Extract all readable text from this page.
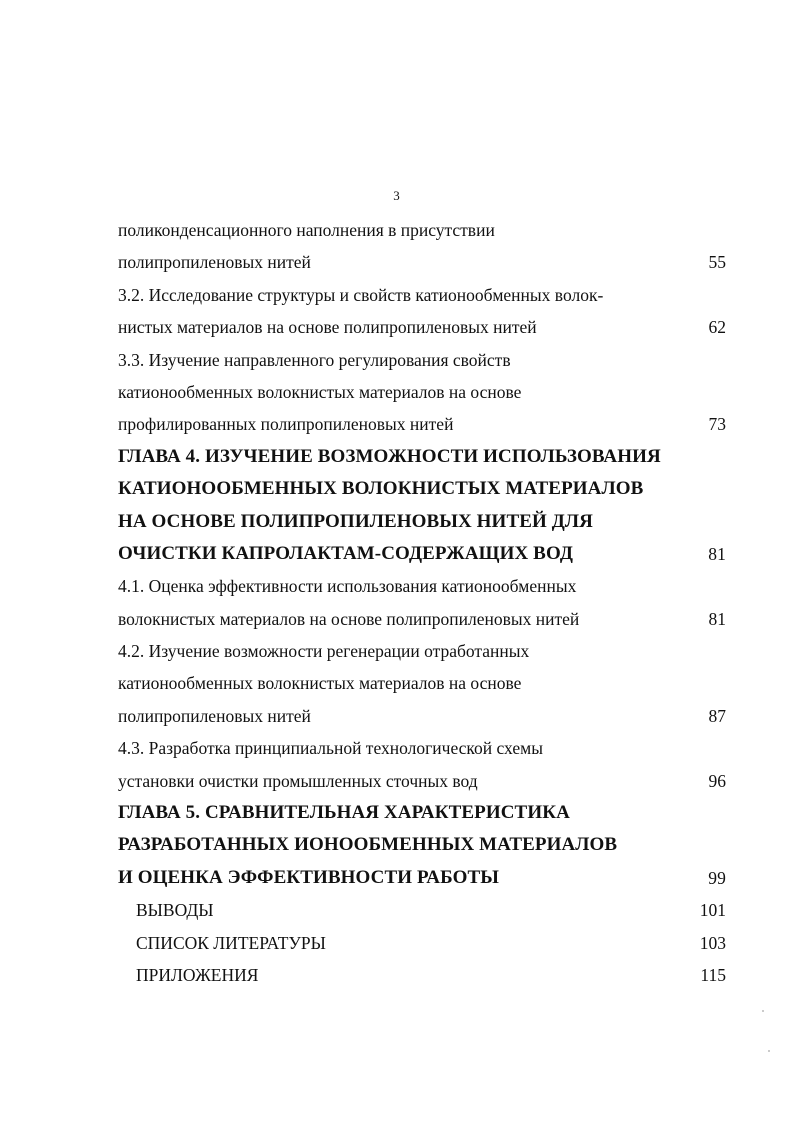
3
поликонденсационного наполнения в присутствии
полипропиленовых нитей	55
3.2. Исследование структуры и свойств катионообменных волок-
нистых материалов на основе полипропиленовых нитей	62
3.3. Изучение направленного регулирования свойств
катионообменных волокнистых материалов на основе
профилированных полипропиленовых нитей	73
ГЛАВА 4. ИЗУЧЕНИЕ ВОЗМОЖНОСТИ ИСПОЛЬЗОВАНИЯ
КАТИОНООБМЕННЫХ ВОЛОКНИСТЫХ МАТЕРИАЛОВ
НА ОСНОВЕ ПОЛИПРОПИЛЕНОВЫХ НИТЕЙ ДЛЯ
ОЧИСТКИ КАПРОЛАКТАМ-СОДЕРЖАЩИХ ВОД	81
4.1. Оценка эффективности использования катионообменных
волокнистых материалов на основе полипропиленовых нитей	81
4.2. Изучение возможности регенерации отработанных
катионообменных волокнистых материалов на основе
полипропиленовых нитей	87
4.3. Разработка принципиальной технологической схемы
установки очистки промышленных сточных вод	96
ГЛАВА 5. СРАВНИТЕЛЬНАЯ ХАРАКТЕРИСТИКА
РАЗРАБОТАННЫХ ИОНООБМЕННЫХ МАТЕРИАЛОВ
И ОЦЕНКА ЭФФЕКТИВНОСТИ РАБОТЫ	99
ВЫВОДЫ	101
СПИСОК ЛИТЕРАТУРЫ	103
ПРИЛОЖЕНИЯ	115
